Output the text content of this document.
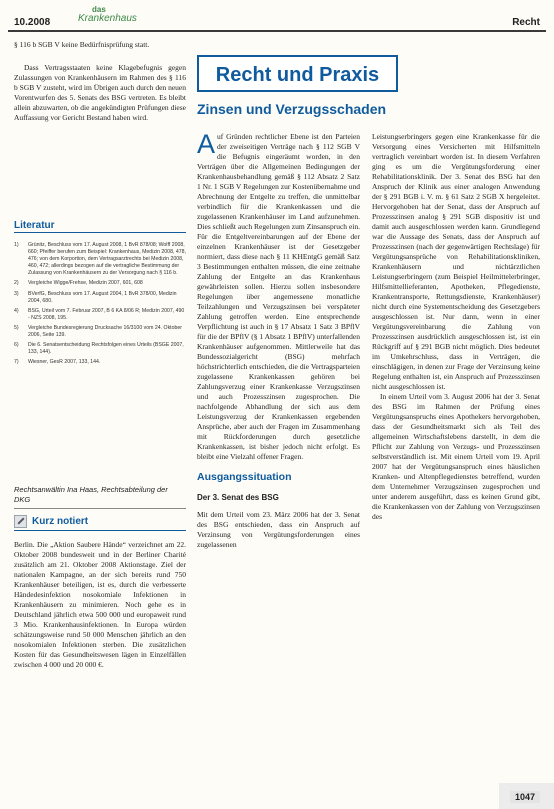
10.2008
das
Krankenhaus	Recht
§ 116 b SGB V keine Bedürfnisprüfung statt.
Dass Vertragsstaaten keine Klagebefugnis gegen Zulassungen von Krankenhäusern im Rahmen des § 116 b SGB V zusteht, wird im Übrigen auch durch den neuen Vorentwurfen des 5. Senats des BSG vertreten. Es bleibt allein abzuwarten, ob die angekündigten Prüfungen diese Auffassung vor Gericht Bestand haben wird.
Literatur
1)	Grünitz, Beschluss vom 17. August 2008, 1 BvR 878/08; Wolff 2008, 660; Pfeiffer berufen zum Beispiel: Krankenhaus, Medizin 2008, 478, 476; von dem Korportion, dem Vertragsarztrechts bei Medizin 2008, 460, 472; allerdings bezogen auf die vertragliche Bestimmung der Zulassung von Krankenhäusern zu der Versorgung nach § 116 b.
2)	Vergleiche Wigge/Frehse, Medizin 2007, 601, 608
3)	BVerfG, Beschluss vom 17. August 2004, 1 BvR 378/00, Medizin 2004, 680.
4)	BSG, Urteil vom 7. Februar 2007, B 6 KA 8/06 R; Medizin 2007, 490 - NZS 2008, 195.
5)	Vergleiche Bundesregierung Drucksache 16/3100 vom 24. Oktober 2006, Seite 139.
6)	Die 6. Senatsentscheidung Rechtsfolgen eines Urteils (BSGE 2007, 133, 144).
7)	Wiesner, GesR 2007, 133, 144.
Rechtsanwältin Ina Haas, Rechtsabteilung der DKG
Kurz notiert
Berlin. Die „Aktion Saubere Hände“ verzeichnet am 22. Oktober 2008 bundesweit und in der Berliner Charité zusätzlich am 21. Oktober 2008 Aktionstage. Ziel der nationalen Kampagne, an der sich bereits rund 750 Krankenhäuser beteiligen, ist es, durch die verbesserte Händedesinfektion nosokomiale Infektionen in Krankenhäusern zu minimieren. Noch gehe es in Deutschland jährlich etwa 500 000 und europaweit rund 3 Mio. Krankenhausinfektionen. In Europa würden schätzungsweise rund 50 000 Menschen jährlich an den nosokomialen Infektionen sterben. Die zusätzlichen Kosten für das Gesundheitswesen lägen in Einzelfällen zwischen 4 000 und 20 000 €.
Recht und Praxis
Zinsen und Verzugsschaden
Auf Gründen rechtlicher Ebene ist den Parteien der zweiseitigen Verträge nach § 112 SGB V die Befugnis eingeräumt worden, in den Verträgen über die Allgemeinen Bedingungen der Krankenhausbehandlung gemäß § 112 Absatz 2 Satz 1 Nr. 1 SGB V Regelungen zur Kostenübernahme und Abrechnung der Entgelte zu treffen, die unmittelbar verbindlich für die Krankenkassen und die zugelassenen Krankenhäuser im Land aufzunehmen. Dies schließt auch Regelungen zum Zinsanspruch ein. Für die Entgeltvereinbarungen auf der Ebene der einzelnen Krankenhäuser ist der Gesetzgeber normiert, dass diese nach § 11 KHEntgG gemäß Satz 3 Bestimmungen enthalten müssen, die eine zeitnahe Zahlung der Entgelte an das Krankenhaus gewährleisten sollen. Hierzu sollen insbesondere Regelungen über angemessene monatliche Teilzahlungen und Verzugszinsen bei verspäteter Zahlung getroffen werden. Eine entsprechende Verpflichtung ist auch in § 17 Absatz 1 Satz 3 BPflV für die der BPflV (§ 1 Absatz 1 BPflV) unterfallenden Krankenhäuser aufgenommen. Mittlerweile hat das Bundessozialgericht (BSG) mehrfach höchstrichterlich entschieden, die die Vertragsparteien zugelassene Krankenkassen gehören bei Zahlungsverzug einer Krankenkasse Verzugszinsen und auch Prozesszinsen zugesprochen. Die nachfolgende Abhandlung der sich aus dem Leistungsverzug der Krankenkassen ergebenden Ansprüche, aber auch der Fragen im Zusammenhang mit Rückforderungen durch gesetzliche Krankenkassen, ist bisher jedoch nicht erfolgt. Es bleibt eine Vielzahl offener Fragen.
Ausgangssituation
Der 3. Senat des BSG
Mit dem Urteil vom 23. März 2006 hat der 3. Senat des BSG entschieden, dass ein Anspruch auf Verzinsung von Vergütungsforderungen eines zugelassenen
Leistungserbringers gegen eine Krankenkasse für die Versorgung eines Versicherten mit Hilfsmitteln vertraglich vereinbart worden ist. In diesem Verfahren ging es um die Vergütungsforderung einer Rehabilitationsklinik. Der 3. Senat des BSG hat den Anspruch der Klinik aus einer analogen Anwendung der § 291 BGB i. V. m. § 61 Satz 2 SGB X hergeleitet. Hervorgehoben hat der Senat, dass der Anspruch auf Prozesszinsen analog § 291 SGB dispositiv ist und damit auch ausgeschlossen werden kann. Grundlegend war die Aussage des Senats, dass der Anspruch auf Prozesszinsen (nach der gegenwärtigen Rechtslage) für Vergütungsansprüche von Rehabilitationskliniken, Krankenhäusern und nichtärztlichen Leistungserbringern (zum Beispiel Heilmittelerbringer, Hilfsmittellieferanten, Apotheken, Pflegedienste, Krankentransporte, Rettungsdienste, Krankenhäuser) nicht durch eine Systementscheidung des Gesetzgebers ausgeschlossen ist. Nur dann, wenn in einer Vergütungsvereinbarung die Zahlung von Prozesszinsen ausdrücklich ausgeschlossen ist, ist ein Rückgriff auf § 291 BGB nicht möglich. Dies bedeutet im Umkehrschluss, dass in Verträgen, die einschlägigen, in denen zur Frage der Verzinsung keine Regelung enthalten ist, ein Anspruch auf Prozesszinsen nicht ausgeschlossen ist.
In einem Urteil vom 3. August 2006 hat der 3. Senat des BSG im Rahmen der Prüfung eines Vergütungsanspruchs eines Apothekers hervorgehoben, dass der Gesundheitsmarkt sich als Teil des allgemeinen Wirtschaftslebens darstellt, in dem die Pflicht zur Zahlung von Verzugs- und Prozesszinsen selbstverständlich ist. Mit einem Urteil vom 19. April 2007 hat der Vergütungsanspruch eines häuslichen Kranken- und Altenpflegedienstes betreffend, wurden dem Unternehmer Verzugszinsen zugesprochen und unter anderem ausgeführt, dass es keinen Grund gibt, die Krankenkassen von der Zahlung von Verzugszinsen des
1047
